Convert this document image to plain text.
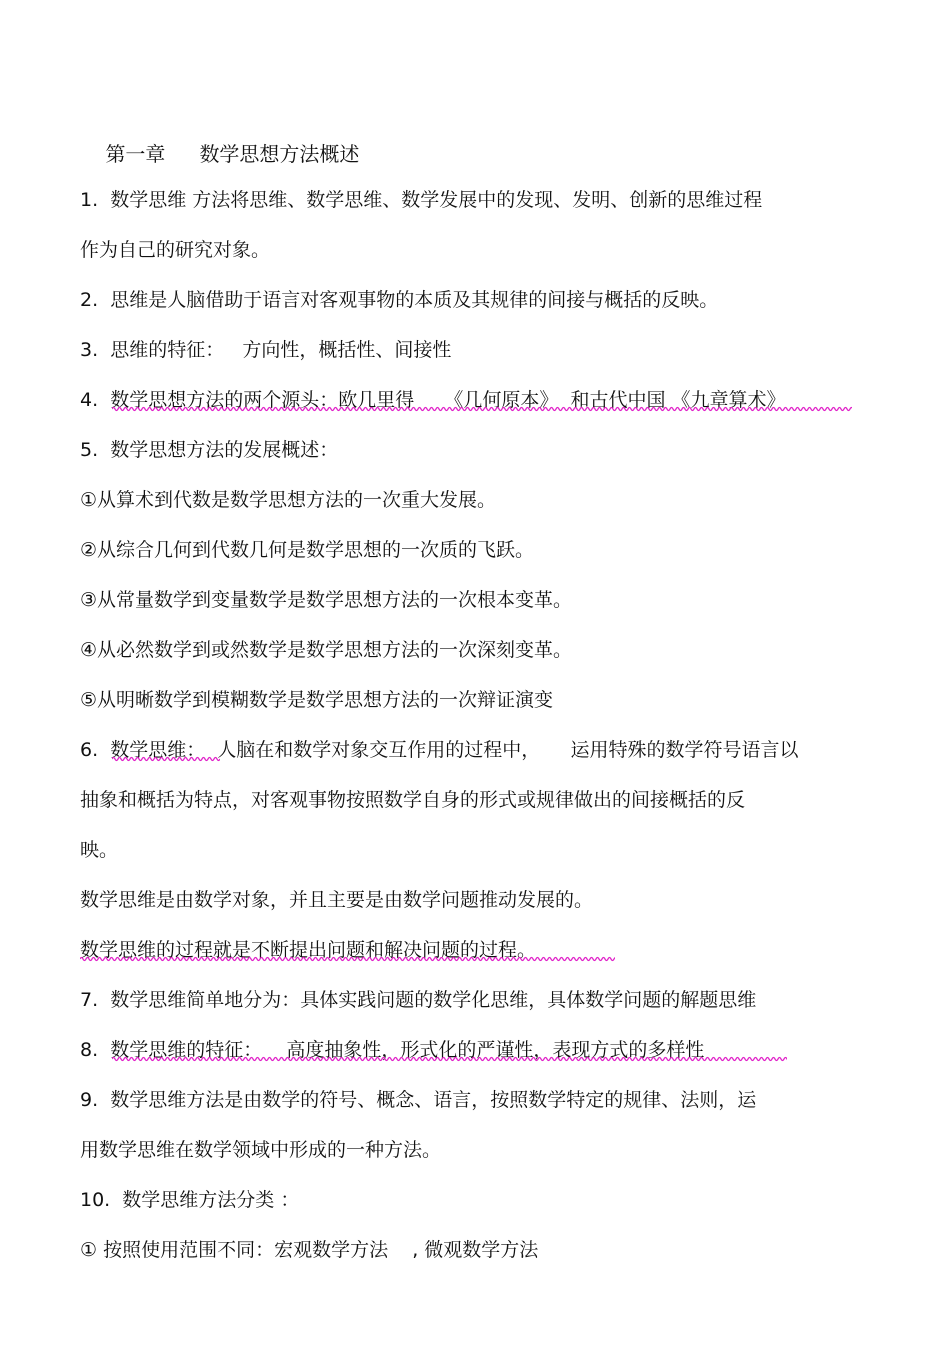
第一章 数学思想方法概述

1.  数学思维 方法将思维、数学思维、数学发展中的发现、发明、创新的思维过程
作为自己的研究对象。
2.  思维是人脑借助于语言对客观事物的本质及其规律的间接与概括的反映。
3.  思维的特征：   方向性，概括性、间接性
4.  数学思想方法的两个源头：欧几里得     《几何原本》  和古代中国 《九章算术》
5.  数学思想方法的发展概述：
①从算术到代数是数学思想方法的一次重大发展。
②从综合几何到代数几何是数学思想的一次质的飞跃。
③从常量数学到变量数学是数学思想方法的一次根本变革。
④从必然数学到或然数学是数学思想方法的一次深刻变革。
⑤从明晰数学到模糊数学是数学思想方法的一次辩证演变
6.  数学思维：  人脑在和数学对象交互作用的过程中，     运用特殊的数学符号语言以
抽象和概括为特点，对客观事物按照数学自身的形式或规律做出的间接概括的反
映。
数学思维是由数学对象，并且主要是由数学问题推动发展的。
数学思维的过程就是不断提出问题和解决问题的过程。
7.  数学思维简单地分为：具体实践问题的数学化思维，具体数学问题的解题思维
8.  数学思维的特征：    高度抽象性，形式化的严谨性，表现方式的多样性
9.  数学思维方法是由数学的符号、概念、语言，按照数学特定的规律、法则，运
用数学思维在数学领域中形成的一种方法。
10.  数学思维方法分类 ：
① 按照使用范围不同：宏观数学方法    , 微观数学方法
